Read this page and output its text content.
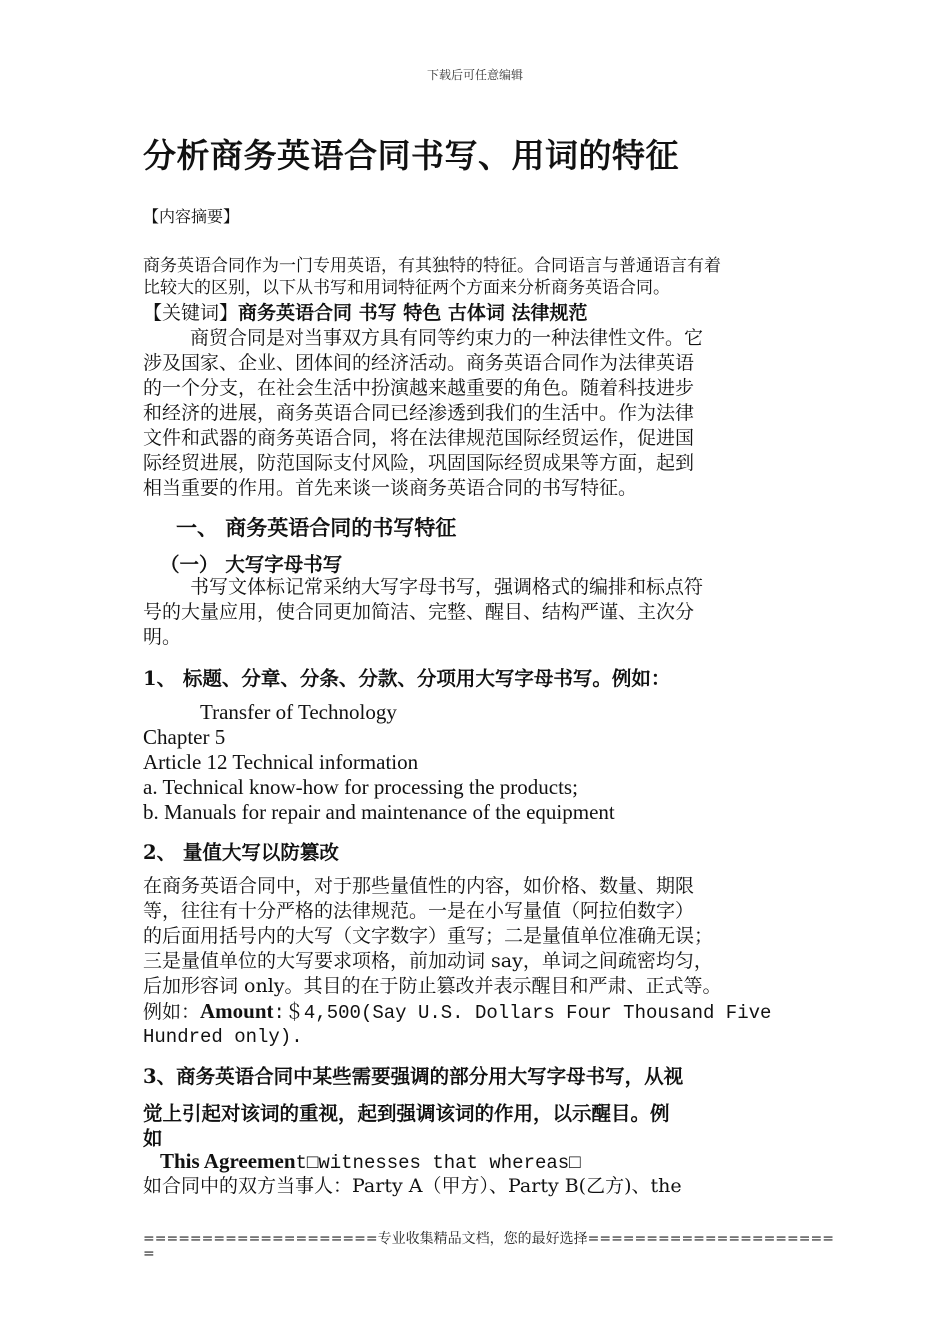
下载后可任意编辑
分析商务英语合同书写、用词的特征
【内容摘要】
商务英语合同作为一门专用英语，有其独特的特征。合同语言与普通语言有着
比较大的区别，以下从书写和用词特征两个方面来分析商务英语合同。
【关键词】商务英语合同 书写 特色 古体词 法律规范
商贸合同是对当事双方具有同等约束力的一种法律性文件。它
涉及国家、企业、团体间的经济活动。商务英语合同作为法律英语
的一个分支，在社会生活中扮演越来越重要的角色。随着科技进步
和经济的进展，商务英语合同已经渗透到我们的生活中。作为法律
文件和武器的商务英语合同，将在法律规范国际经贸运作，促进国
际经贸进展，防范国际支付风险，巩固国际经贸成果等方面，起到
相当重要的作用。首先来谈一谈商务英语合同的书写特征。
一、 商务英语合同的书写特征
（一） 大写字母书写
书写文体标记常采纳大写字母书写，强调格式的编排和标点符
号的大量应用，使合同更加简洁、完整、醒目、结构严谨、主次分
明。
1、 标题、分章、分条、分款、分项用大写字母书写。例如：
Transfer of Technology
Chapter 5
Article 12 Technical information
a. Technical know-how for processing the products;
b. Manuals for repair and maintenance of the equipment
2、 量值大写以防篡改
在商务英语合同中，对于那些量值性的内容，如价格、数量、期限
等，往往有十分严格的法律规范。一是在小写量值（阿拉伯数字）
的后面用括号内的大写（文字数字）重写；二是量值单位准确无误；
三是量值单位的大写要求项格，前加动词 say，单词之间疏密均匀，
后加形容词 only。其目的在于防止篡改并表示醒目和严肃、正式等。
例如：Amount:＄4,500(Say U.S. Dollars Four Thousand Five
Hundred only).
3、商务英语合同中某些需要强调的部分用大写字母书写，从视
觉上引起对该词的重视，起到强调该词的作用，以示醒目。例
如
This Agreement□witnesses that whereas□
如合同中的双方当事人：Party A（甲方）、Party B(乙方)、the
====================专业收集精品文档，您的最好选择=====================
=
